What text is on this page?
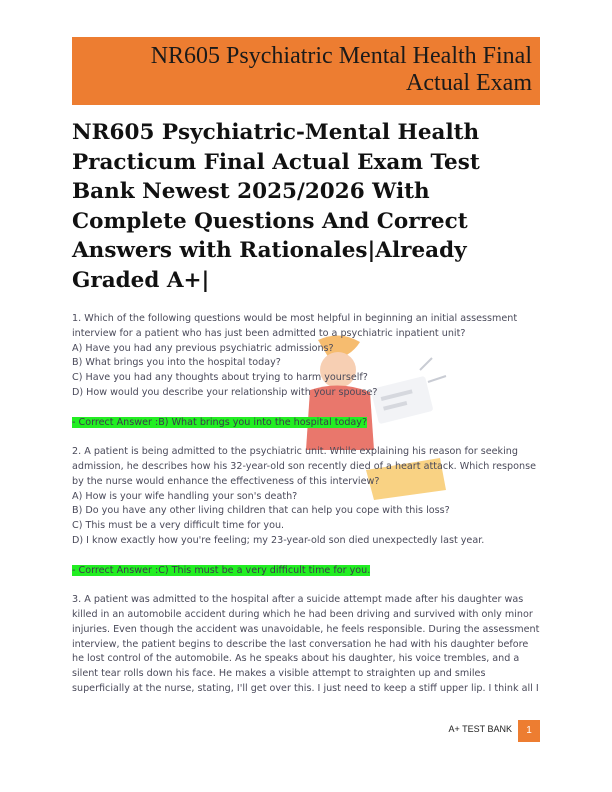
NR605 Psychiatric Mental Health Final
Actual Exam
NR605 Psychiatric-Mental Health Practicum Final Actual Exam Test Bank Newest 2025/2026 With Complete Questions And Correct Answers with Rationales|Already Graded A+|

1. Which of the following questions would be most helpful in beginning an initial assessment interview for a patient who has just been admitted to a psychiatric inpatient unit?

A) Have you had any previous psychiatric admissions?

B) What brings you into the hospital today?

C) Have you had any thoughts about trying to harm yourself?

D) How would you describe your relationship with your spouse?

- Correct Answer :B) What brings you into the hospital today?

2. A patient is being admitted to the psychiatric unit. While explaining his reason for seeking admission, he describes how his 32-year-old son recently died of a heart attack. Which response by the nurse would enhance the effectiveness of this interview?

A) How is your wife handling your son's death?

B) Do you have any other living children that can help you cope with this loss?

C) This must be a very difficult time for you.

D) I know exactly how you're feeling; my 23-year-old son died unexpectedly last year.

- Correct Answer :C) This must be a very difficult time for you.

3. A patient was admitted to the hospital after a suicide attempt made after his daughter was killed in an automobile accident during which he had been driving and survived with only minor injuries. Even though the accident was unavoidable, he feels responsible. During the assessment interview, the patient begins to describe the last conversation he had with his daughter before he lost control of the automobile. As he speaks about his daughter, his voice trembles, and a silent tear rolls down his face. He makes a visible attempt to straighten up and smiles superficially at the nurse, stating, I'll get over this. I just need to keep a stiff upper lip. I think all I

A+ TEST BANK	1
